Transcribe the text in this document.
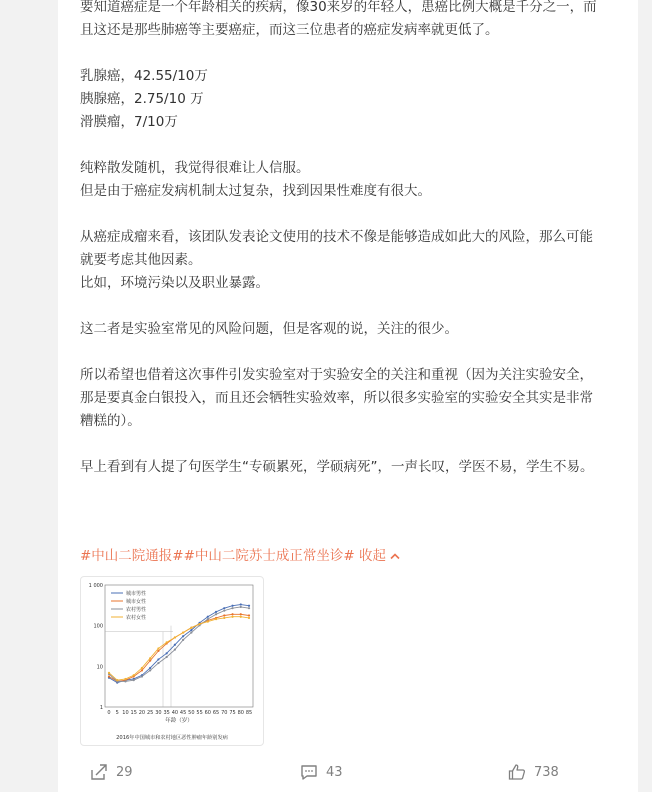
要知道癌症是一个年龄相关的疾病，像30来岁的年轻人，患癌比例大概是千分之一，而

且这还是那些肺癌等主要癌症，而这三位患者的癌症发病率就更低了。

乳腺癌，42.55/10万

胰腺癌，2.75/10 万

滑膜瘤，7/10万

纯粹散发随机，我觉得很难让人信服。

但是由于癌症发病机制太过复杂，找到因果性难度有很大。

从癌症成瘤来看，该团队发表论文使用的技术不像是能够造成如此大的风险，那么可能

就要考虑其他因素。

比如，环境污染以及职业暴露。

这二者是实验室常见的风险问题，但是客观的说，关注的很少。

所以希望也借着这次事件引发实验室对于实验安全的关注和重视（因为关注实验安全，

那是要真金白银投入，而且还会牺牲实验效率，所以很多实验室的实验安全其实是非常

糟糕的）。

早上看到有人提了句医学生“专硕累死，学硕病死”，一声长叹，学医不易，学生不易。

#中山二院通报##中山二院苏士成正常坐诊# 收起
城市男性
城市女性
农村男性
农村女性
1 000
100
10
1
0 5 10 15 20 25 30 35 40 45 50 55 60 65 70 75 80 85
年龄（岁）
2016年中国城市和农村地区恶性肿瘤年龄别发病
29	43	738
